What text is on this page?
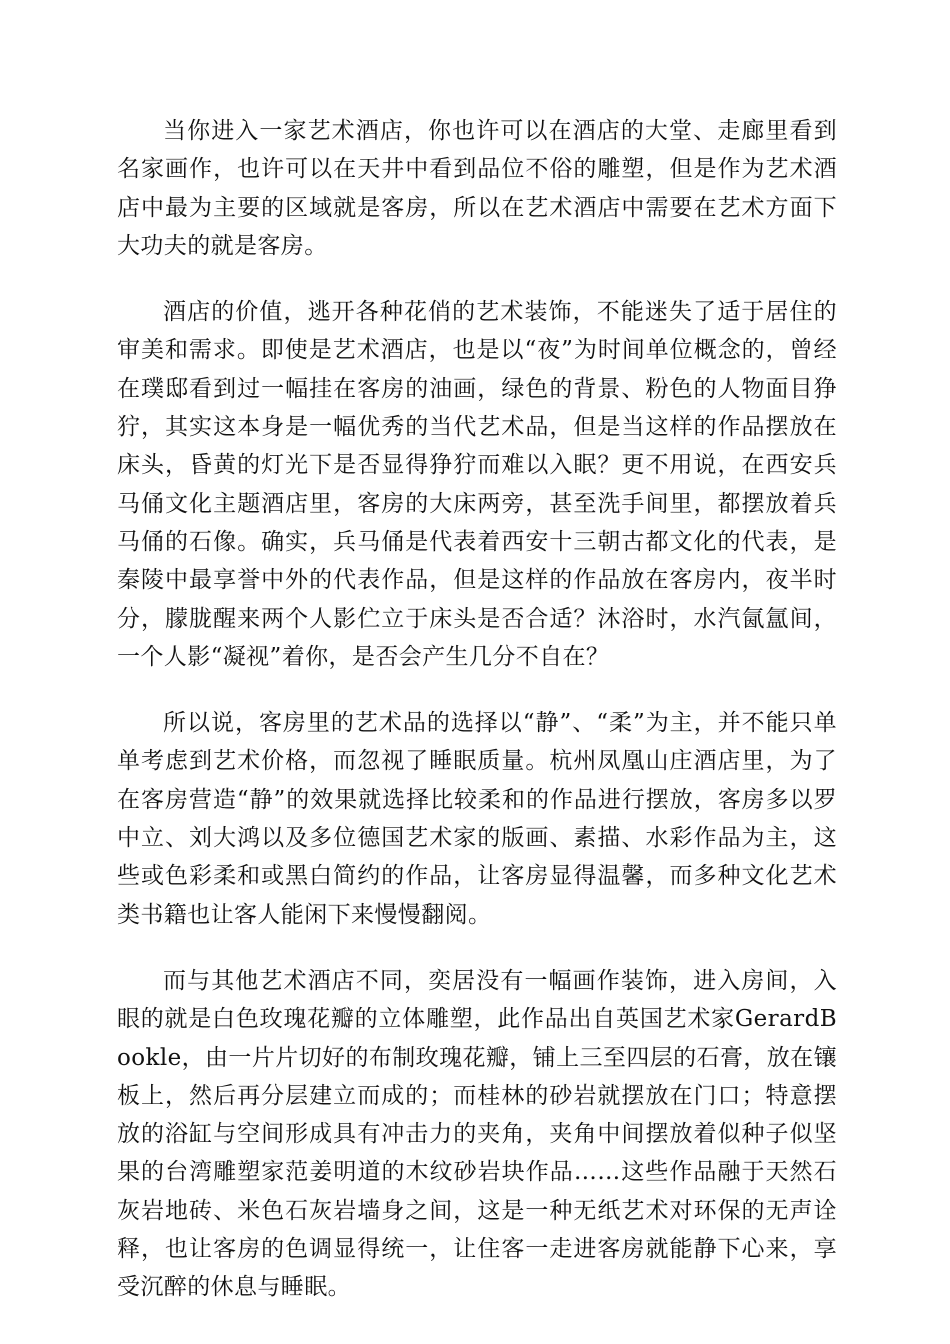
当你进入一家艺术酒店，你也许可以在酒店的大堂、走廊里看到名家画作，也许可以在天井中看到品位不俗的雕塑，但是作为艺术酒店中最为主要的区域就是客房，所以在艺术酒店中需要在艺术方面下大功夫的就是客房。

酒店的价值，逃开各种花俏的艺术装饰，不能迷失了适于居住的审美和需求。即使是艺术酒店，也是以“夜”为时间单位概念的，曾经在璞邸看到过一幅挂在客房的油画，绿色的背景、粉色的人物面目狰狞，其实这本身是一幅优秀的当代艺术品，但是当这样的作品摆放在床头，昏黄的灯光下是否显得狰狞而难以入眠？更不用说，在西安兵马俑文化主题酒店里，客房的大床两旁，甚至洗手间里，都摆放着兵马俑的石像。确实，兵马俑是代表着西安十三朝古都文化的代表，是秦陵中最享誉中外的代表作品，但是这样的作品放在客房内，夜半时分，朦胧醒来两个人影伫立于床头是否合适？沐浴时，水汽氤氲间，一个人影“凝视”着你，是否会产生几分不自在？

所以说，客房里的艺术品的选择以“静”、“柔”为主，并不能只单单考虑到艺术价格，而忽视了睡眠质量。杭州凤凰山庄酒店里，为了在客房营造“静”的效果就选择比较柔和的作品进行摆放，客房多以罗中立、刘大鸿以及多位德国艺术家的版画、素描、水彩作品为主，这些或色彩柔和或黑白简约的作品，让客房显得温馨，而多种文化艺术类书籍也让客人能闲下来慢慢翻阅。

而与其他艺术酒店不同，奕居没有一幅画作装饰，进入房间，入眼的就是白色玫瑰花瓣的立体雕塑，此作品出自英国艺术家GerardBookle，由一片片切好的布制玫瑰花瓣，铺上三至四层的石膏，放在镶板上，然后再分层建立而成的；而桂林的砂岩就摆放在门口；特意摆放的浴缸与空间形成具有冲击力的夹角，夹角中间摆放着似种子似坚果的台湾雕塑家范姜明道的木纹砂岩块作品……这些作品融于天然石灰岩地砖、米色石灰岩墙身之间，这是一种无纸艺术对环保的无声诠释，也让客房的色调显得统一，让住客一走进客房就能静下心来，享受沉醉的休息与睡眠。
